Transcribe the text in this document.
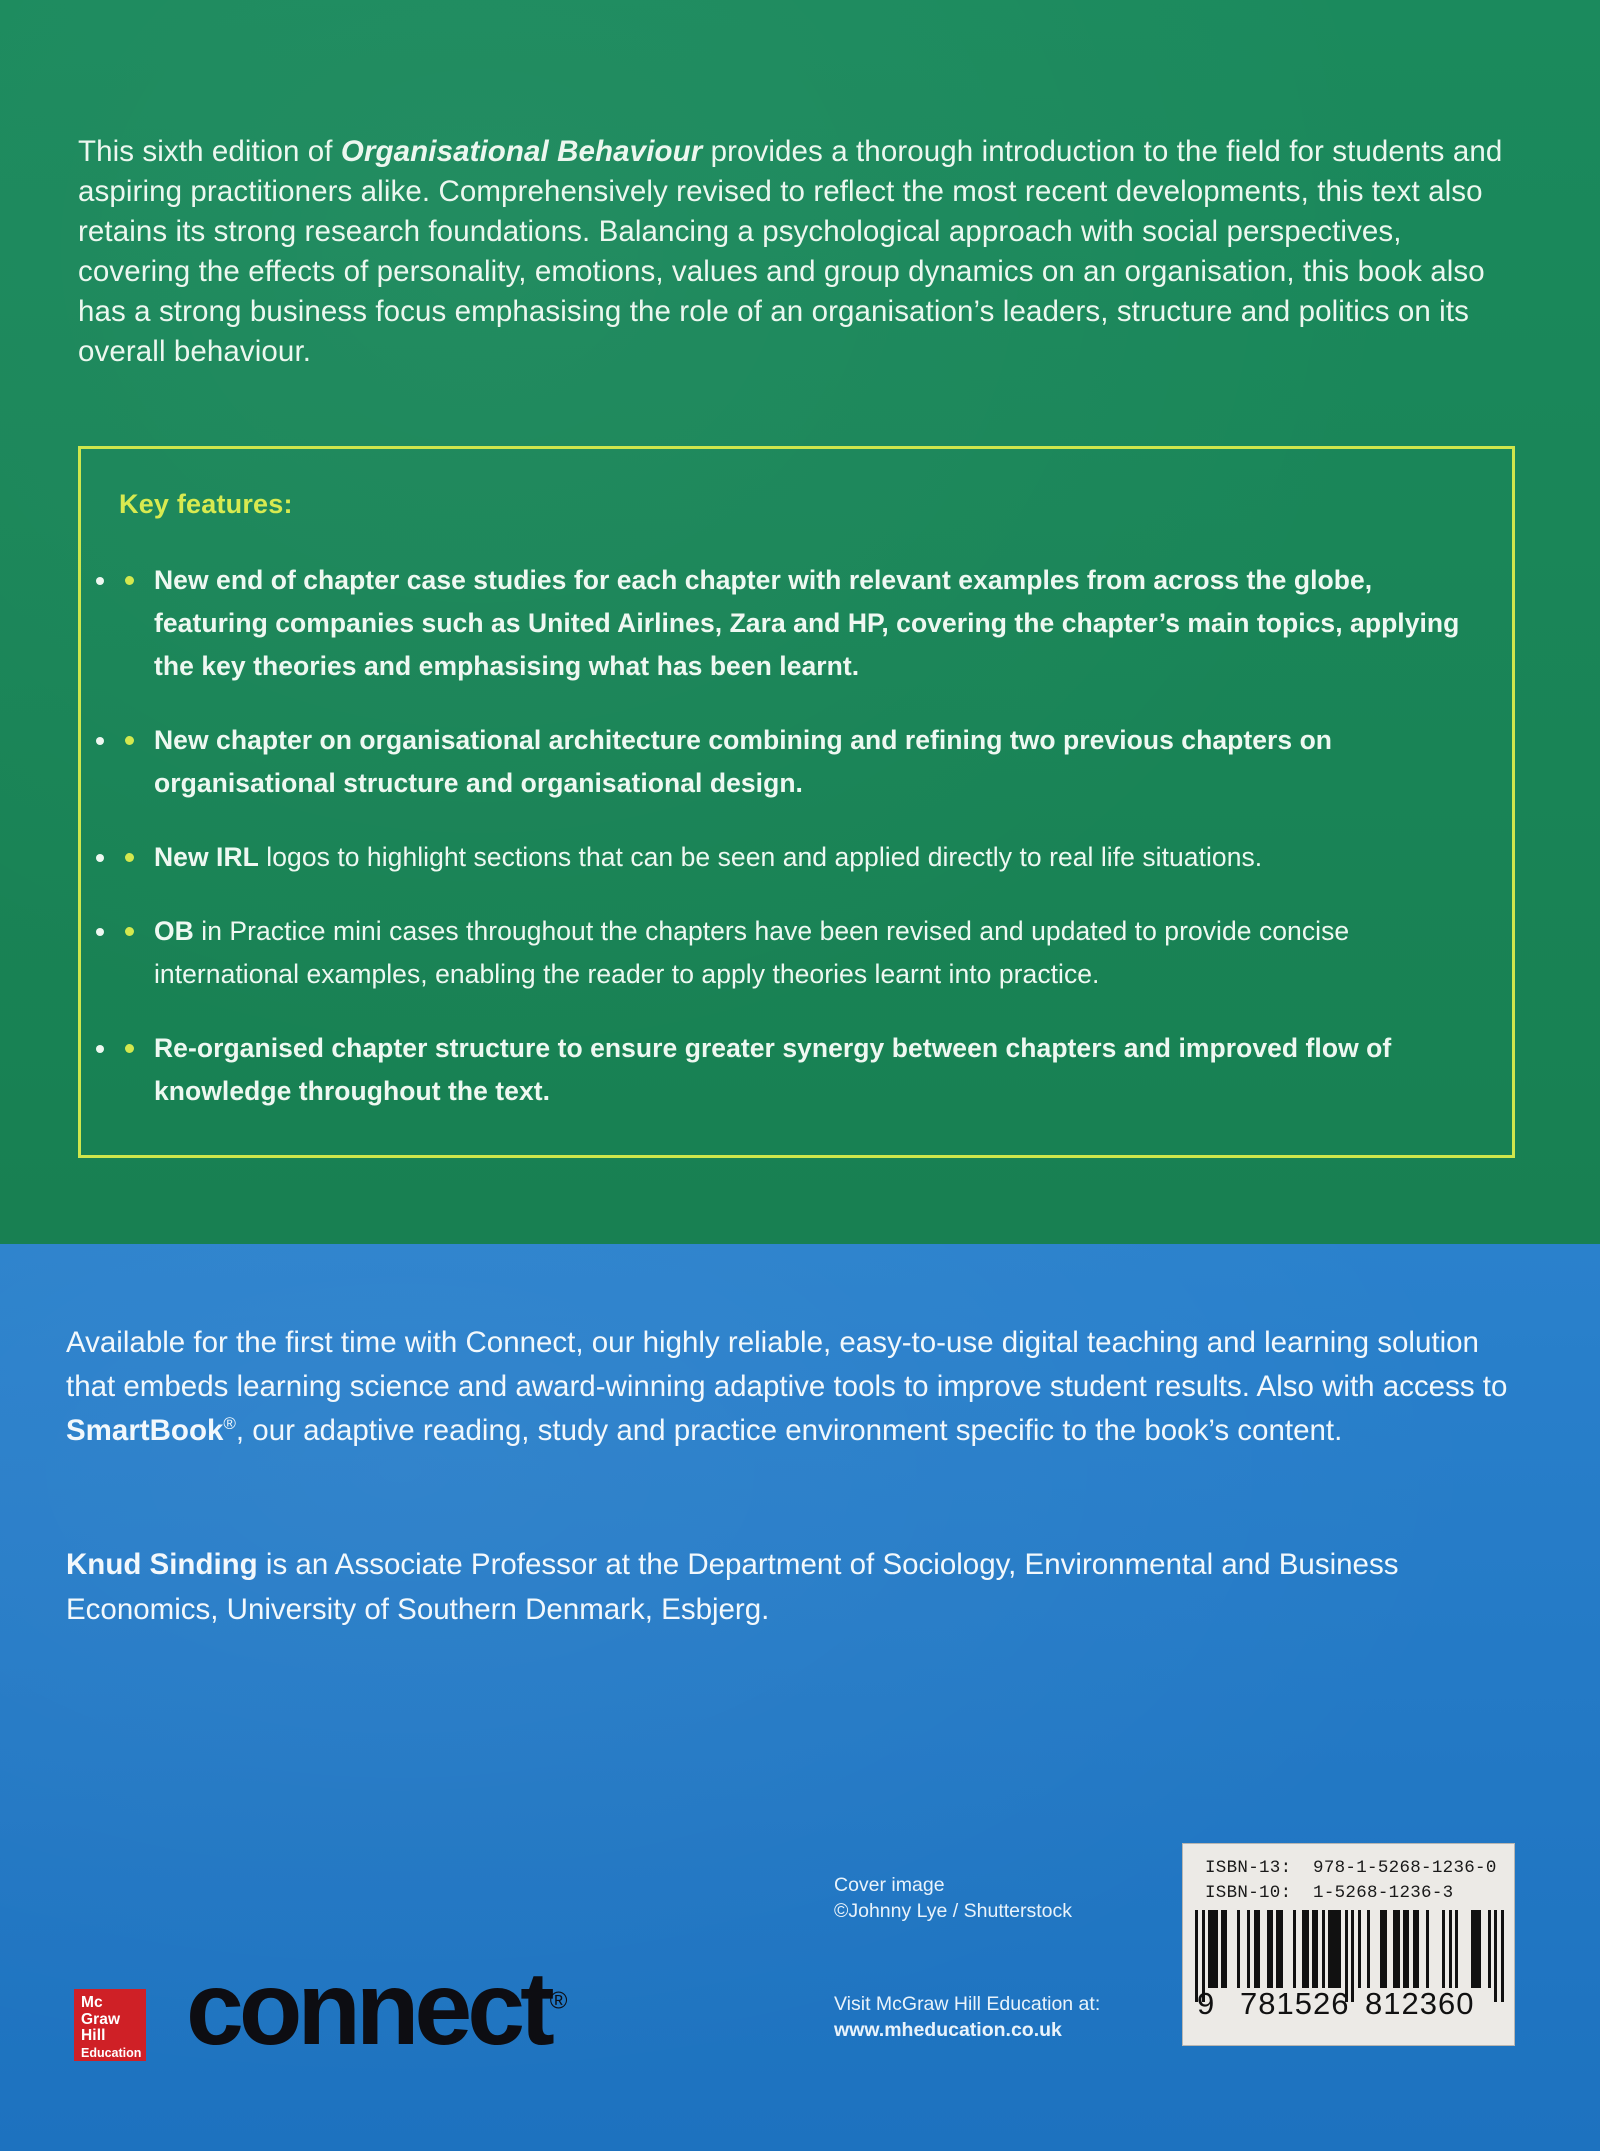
This sixth edition of Organisational Behaviour provides a thorough introduction to the field for students and aspiring practitioners alike. Comprehensively revised to reflect the most recent developments, this text also retains its strong research foundations. Balancing a psychological approach with social perspectives, covering the effects of personality, emotions, values and group dynamics on an organisation, this book also has a strong business focus emphasising the role of an organisation’s leaders, structure and politics on its overall behaviour.

Key features:
• New end of chapter case studies for each chapter with relevant examples from across the globe, featuring companies such as United Airlines, Zara and HP, covering the chapter’s main topics, applying the key theories and emphasising what has been learnt.
• New chapter on organisational architecture combining and refining two previous chapters on organisational structure and organisational design.
• New IRL logos to highlight sections that can be seen and applied directly to real life situations.
• OB in Practice mini cases throughout the chapters have been revised and updated to provide concise international examples, enabling the reader to apply theories learnt into practice.
• Re-organised chapter structure to ensure greater synergy between chapters and improved flow of knowledge throughout the text.

Available for the first time with Connect, our highly reliable, easy-to-use digital teaching and learning solution that embeds learning science and award-winning adaptive tools to improve student results. Also with access to SmartBook®, our adaptive reading, study and practice environment specific to the book’s content.

Knud Sinding is an Associate Professor at the Department of Sociology, Environmental and Business Economics, University of Southern Denmark, Esbjerg.

Cover image
©Johnny Lye / Shutterstock
Visit McGraw Hill Education at:
www.mheducation.co.uk
ISBN-13: 978-1-5268-1236-0
ISBN-10: 1-5268-1236-3
9 781526 812360
Mc
Graw
Hill
Education connect®
